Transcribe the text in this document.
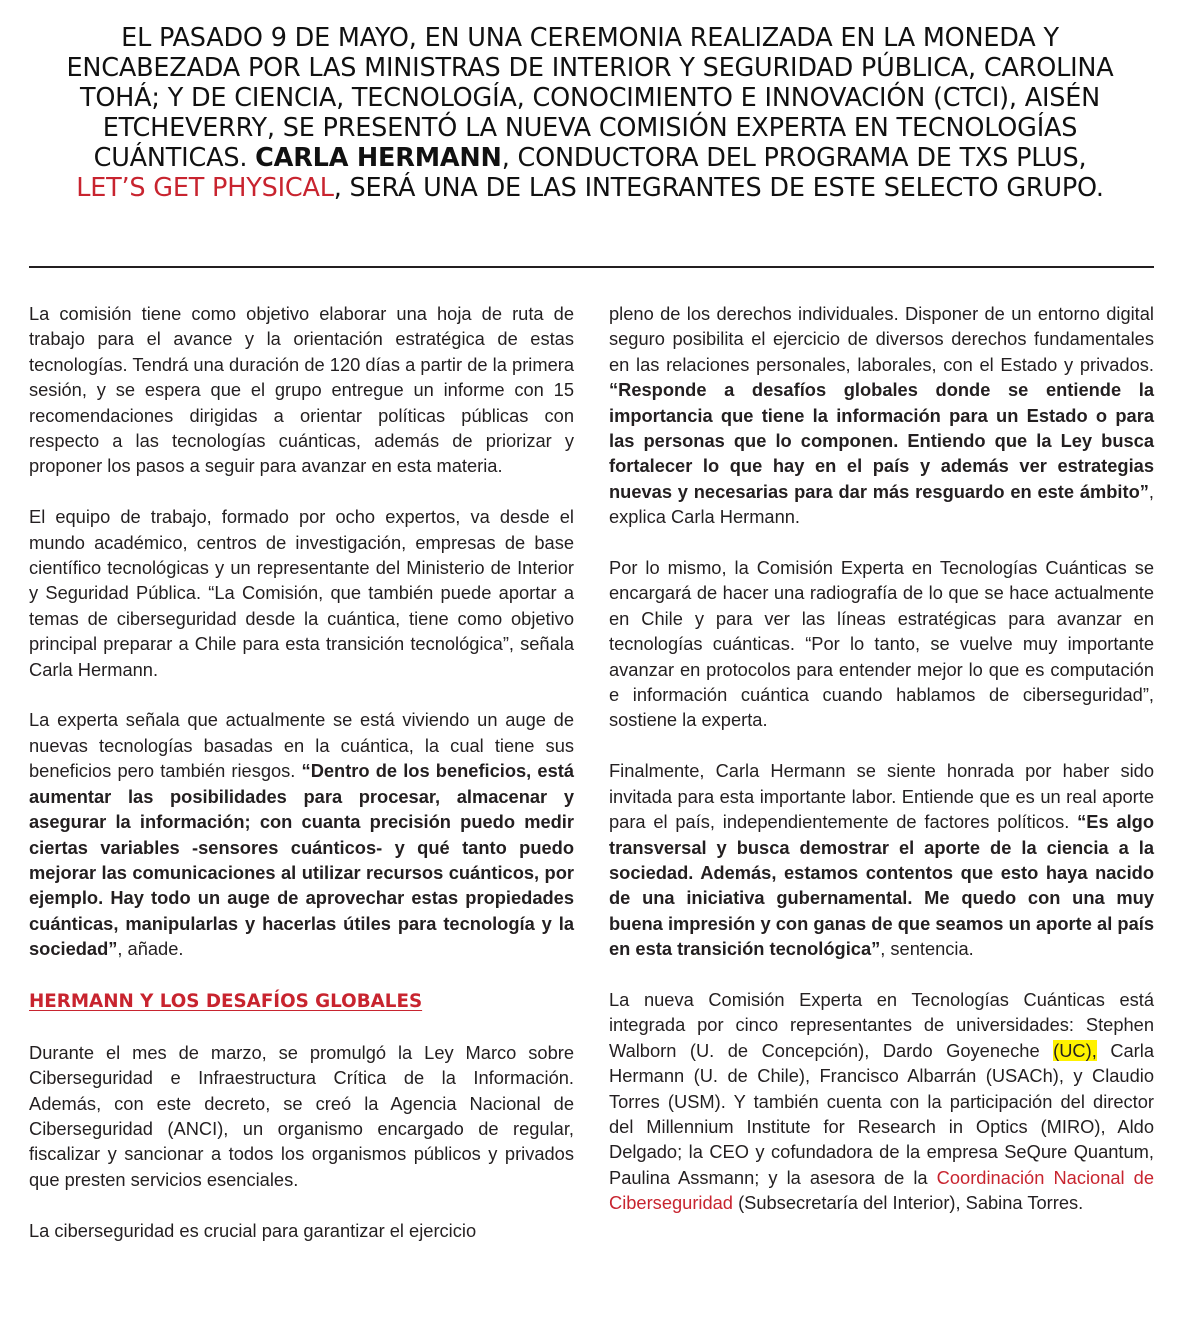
EL PASADO 9 DE MAYO, EN UNA CEREMONIA REALIZADA EN LA MONEDA Y ENCABEZADA POR LAS MINISTRAS DE INTERIOR Y SEGURIDAD PÚBLICA, CAROLINA TOHÁ; Y DE CIENCIA, TECNOLOGÍA, CONOCIMIENTO E INNOVACIÓN (CTCI), AISÉN ETCHEVERRY, SE PRESENTÓ LA NUEVA COMISIÓN EXPERTA EN TECNOLOGÍAS CUÁNTICAS. CARLA HERMANN, CONDUCTORA DEL PROGRAMA DE TXS PLUS, LET’S GET PHYSICAL, SERÁ UNA DE LAS INTEGRANTES DE ESTE SELECTO GRUPO.

La comisión tiene como objetivo elaborar una hoja de ruta de trabajo para el avance y la orientación estratégica de estas tecnologías. Tendrá una duración de 120 días a partir de la primera sesión, y se espera que el grupo entregue un informe con 15 recomendaciones dirigidas a orientar políticas públicas con respecto a las tecnologías cuánticas, además de priorizar y proponer los pasos a seguir para avanzar en esta materia.

El equipo de trabajo, formado por ocho expertos, va desde el mundo académico, centros de investigación, empresas de base científico tecnológicas y un representante del Ministerio de Interior y Seguridad Pública. “La Comisión, que también puede aportar a temas de ciberseguridad desde la cuántica, tiene como objetivo principal preparar a Chile para esta transición tecnológica”, señala Carla Hermann.

La experta señala que actualmente se está viviendo un auge de nuevas tecnologías basadas en la cuántica, la cual tiene sus beneficios pero también riesgos. “Dentro de los beneficios, está aumentar las posibilidades para procesar, almacenar y asegurar la información; con cuanta precisión puedo medir ciertas variables -sensores cuánticos- y qué tanto puedo mejorar las comunicaciones al utilizar recursos cuánticos, por ejemplo. Hay todo un auge de aprovechar estas propiedades cuánticas, manipularlas y hacerlas útiles para tecnología y la sociedad”, añade.

HERMANN Y LOS DESAFÍOS GLOBALES

Durante el mes de marzo, se promulgó la Ley Marco sobre Ciberseguridad e Infraestructura Crítica de la Información. Además, con este decreto, se creó la Agencia Nacional de Ciberseguridad (ANCI), un organismo encargado de regular, fiscalizar y sancionar a todos los organismos públicos y privados que presten servicios esenciales.

La ciberseguridad es crucial para garantizar el ejercicio

pleno de los derechos individuales. Disponer de un entorno digital seguro posibilita el ejercicio de diversos derechos fundamentales en las relaciones personales, laborales, con el Estado y privados. “Responde a desafíos globales donde se entiende la importancia que tiene la información para un Estado o para las personas que lo componen. Entiendo que la Ley busca fortalecer lo que hay en el país y además ver estrategias nuevas y necesarias para dar más resguardo en este ámbito”, explica Carla Hermann.

Por lo mismo, la Comisión Experta en Tecnologías Cuánticas se encargará de hacer una radiografía de lo que se hace actualmente en Chile y para ver las líneas estratégicas para avanzar en tecnologías cuánticas. “Por lo tanto, se vuelve muy importante avanzar en protocolos para entender mejor lo que es computación e información cuántica cuando hablamos de ciberseguridad”, sostiene la experta.

Finalmente, Carla Hermann se siente honrada por haber sido invitada para esta importante labor. Entiende que es un real aporte para el país, independientemente de factores políticos. “Es algo transversal y busca demostrar el aporte de la ciencia a la sociedad. Además, estamos contentos que esto haya nacido de una iniciativa gubernamental. Me quedo con una muy buena impresión y con ganas de que seamos un aporte al país en esta transición tecnológica”, sentencia.

La nueva Comisión Experta en Tecnologías Cuánticas está integrada por cinco representantes de universidades: Stephen Walborn (U. de Concepción), Dardo Goyeneche (UC), Carla Hermann (U. de Chile), Francisco Albarrán (USACh), y Claudio Torres (USM). Y también cuenta con la participación del director del Millennium Institute for Research in Optics (MIRO), Aldo Delgado; la CEO y cofundadora de la empresa SeQure Quantum, Paulina Assmann; y la asesora de la Coordinación Nacional de Ciberseguridad (Subsecretaría del Interior), Sabina Torres.
